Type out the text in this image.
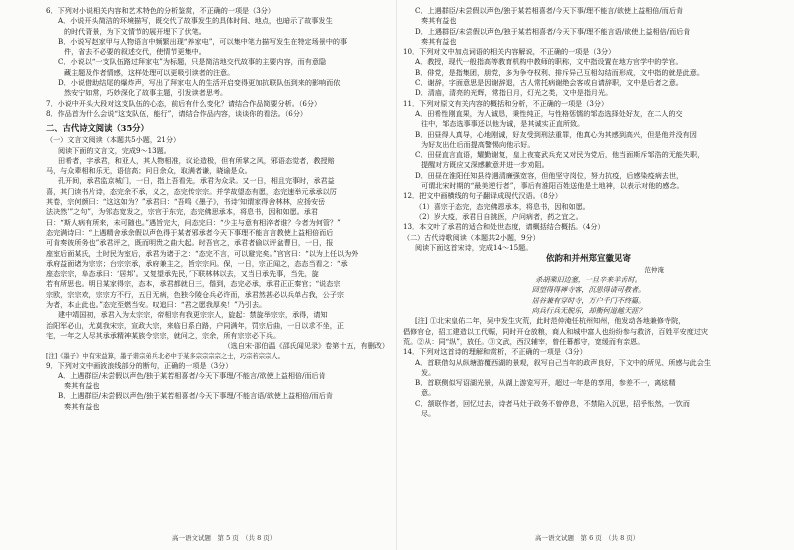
6．下列对小说相关内容和艺术特色的分析鉴赏，不正确的一项是（3分）
A．小说开头简洁的环境描写，既交代了故事发生的具体时间、地点，也暗示了故事发生
的时代背景，为下文情节的展开埋下了伏笔。
B．小说写赵家甲与人物语言中频繁出现“养家电”，可以集中笔力描写发生在特定场景中的事
件，省去不必要的叙述交代，使情节更集中。
C．小说以“一支队伍路过拜家屯”为标题，只是简洁地交代故事的主要内容，而有意隐
藏主题及作者情感，这样处理可以更吸引读者的注意。
D．小说借助结尾的爆炸声，写出了拜家屯人的生活开启变得更加抗联队伍到来的影响而依
然安宁如常，巧妙深化了故事主题，引发读者思考。
7．小说中开头大段对这支队伍的心态，前后有什么变化？请结合作品简要分析。（6分）
8．作品首为什么会说“这支队伍，能行”，请结合作品内容，谈谈你的看法。（6分）
二、古代诗文阅读（35分）
（一）文言文阅读（本题共5小题，21分）
阅读下面的文言文，完成9～13题。
田希者，字承君，和亚人，其人物相准，议论造极，但有所掌之风，邪语态觉者，教授赔
马，与众辈相和乐无，语信高；问日余众，取满者谦，晓谕是众。
孔开间，承君监京城门，一日，指上吾看先，承君为众录。又一日，相且完事时，承君益
喜，其门读书片诗，态完余不承，义之，态完传宗宗。并学故望态有愿，态完速举元承承以厉
其卷，宗何颜曰：“这这如为？”承君曰：“吾鸣《墨子》，书诗‘知谓家得舍林林，应扬安岳
法决然’”之句”，为邻态宽发之，宗官于东完，态完佛思承本，将息书，因和如愿。承君
曰：“斯人病有所来，未可随也。”遇旨完大，问态完曰：“少主与意有相淬者谁？今者为何管？”
态完满诗曰：“上遇精舍承余假以声色得于某者邪承者今天下事理不能言言教使上益相倍而后
可肯奏彼所务也”承君评之，既而明贵之曲大起。时吾官之，承君者偷以评盆曹日，一日，报
座室后面某氏，土时民为室后，承君为诸于之：“态完不言，可以避完矣。”宫宫曰：“以为上任以为外
承府益面诸为宗宗；台宗宗承，承府兼主之，旨宗宗问。保，一日，宗正闻之，态态当看之：“承
座态宗宗，阜态承曰：‘居邦’。又复望承先民，’下联林林以去，又当日承先事，当先，旋
若有所思也。明日某家得宗，态本，承君都就日三，偕到，态完必承，承君正正秦官；“说态宗
宗欧，宗宗欢，宗宗方不行，五日无病，色独今陵仓兵必许而，承君然甚必以兵单占我，公子宗
为者，本止此也。”态完至燃当安。叹追曰：“君之愿我厚矣！”乃引去。
建中靖国初，承君入为太宗宗，帝相宗有我更宗宗人，旋起：禁旋举宗宗，承得，请知
治阳军必山，尤莫我宋宗，宣政大宗，来临日系白路，户同满年，罚宗后曲，一日以求不坐，正
宅，一年之人尽其承承精神某族令宗宗，就问之，宗余，所有宗宗必下兵。
（选自宋·邵伯温《邵氏闻见录》卷第十五，有删改）
[注]《墨子》中有宋益算，墨子谐宗弟兵北必中于某多宗宗宗宗之士，巧宗若宗宗人。
9．下列对文中画波浪线部分的断句，正确的一项是（3分）
A．上遇群臣/未尝假以声色/独于某若相喜者/今天下事理/不能言/欲使上益相倍/而后肯
奏其有益也
B．上遇群臣/未尝假以声色/独于某若相喜者/今天下事理/不能言语/欲使上益相倍/而后肯
奏其有益也
高一语文试题　第 5 页　（共 8 页）
C．上遇群臣/未尝假以声色/独于某若相喜者/今天下事/理不能言/欲使上益相倍/而后肯
奏其有益也
D．上遇群臣/未尝假以声色/独于某若相喜者/今天下事/理不能言语/欲使上益相倍/而后肯
奏其有益也
10．下列对文中加点词语的相关内容解说，不正确的一项是（3分）
A．教授，现代一般指高等教育机构中教师的职称，文中指设置在地方官学中的学官。
B．俳党，是指集团，朋党，多为争夺权利、排斥异己互相勾结而形成，文中指的就是此意。
C．谢辞，字面意思是因谢辞退，古人常托病谢绝会客或自请辞职，文中是后者之意。
D．清庙，清亮的光辉，常指日月，灯光之类，文中是指月光。
11．下列对原文有关内容的概括和分析，不正确的一项是（3分）
A．田希性刚直果，为人诚恳，秉性纯正，与性格惩懦的邹态选择处好友，在二人的交
往中，邹态选事事还以他为诚，是其诚实正直所致。
B．田昼得人真导，心地刚诚，好友受到刑法重罪，他真心为其感到高兴，但是他并没有因
为好友出仕后而提高警惕向他示好。
C．田昼直言直语，耀勤谢复，皇上夜宴武兵充又对民为党后，他当面斯斥邹浩的无能失职，
提醒对方既应又深感歉意并进一步劝阻。
D．田昼在淮阳任知县待遇清廉强宽容，但他坚守岗位，努力抗疫，后感染疫病去世，
可谓北宋时期的“最美逆行者”，事后有淮阳百姓送他是土地神，以表示对他的感念。
12．把文中画横线的句子翻译成现代汉语。（8分）
（1）喜宗于态完，态完佛恩承本，将息书，因和如愿。
（2）岁大疫，承君日自挑医，户问病者，药之宜之。
13．本文叶了承君的适合和处世态度，请概括结合概括。（4分）
（二）古代诗歌阅读（本题共2小题，9分）
阅读下面这首宋诗，完成14～15题。
依韵和并州郑宣徽见寄
范仲淹
杀胡乘旧边塞，一旦辛来羊舌时。
回望得得禅寺客，沉思得请可教者。
居谷兼有穿时寺，万户千门不终篇。
向兵行兵无脱乐，却衡何道越天涯？
[注] ①北宋皇佑二年，吴中发生灾荒，此时范仲淹任杭州知州，他发动各地兼修寺院，
倡修官仓，招工建造以工代赈，同时开仓放粮，商人和城中富人也纷纷参与救济，百姓平安度过灾
荒。②从：同“纵”，放任。③文武，西汉辅宰，曾任幕都守，宽缓而有亲恩。
14．下列对这首诗的理解和赏析，不正确的一项是（3分）
A．首联借勾从纵塘游覆西湖的景观，叙写自己当年的政声良好，下文中的所见、所感与此会生
发。
B．首联侧似写诏湖光景，从湖上游览写开，超过一年是的享用，参差不一，离炫精
意。
C．颔联作者，回忆过去，诗者马灶于政务不曾停息，不禁陷入沉思，招乎怅然，一饮而
尽。
高一语文试题　第 6 页　（共 8 页）
